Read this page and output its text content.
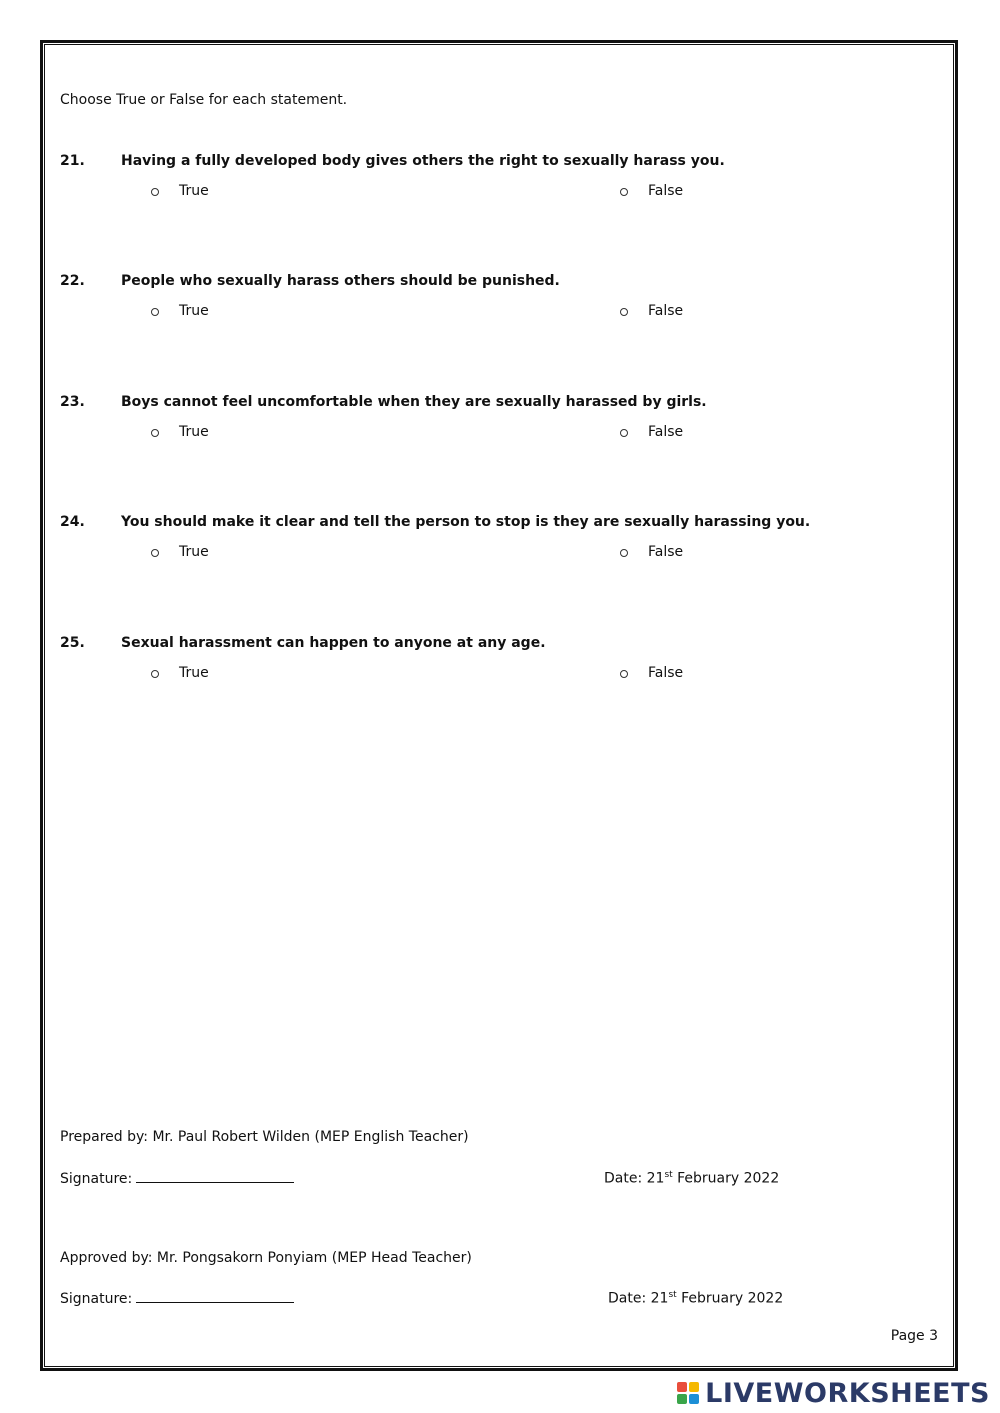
Choose True or False for each statement.
21.	Having a fully developed body gives others the right to sexually harass you.
True	False
22.	People who sexually harass others should be punished.
True	False
23.	Boys cannot feel uncomfortable when they are sexually harassed by girls.
True	False
24.	You should make it clear and tell the person to stop is they are sexually harassing you.
True	False
25.	Sexual harassment can happen to anyone at any age.
True	False
Prepared by: Mr. Paul Robert Wilden (MEP English Teacher)
Signature:	Date: 21st February 2022
Approved by: Mr. Pongsakorn Ponyiam (MEP Head Teacher)
Signature:	Date: 21st February 2022
Page 3
LIVEWORKSHEETS
